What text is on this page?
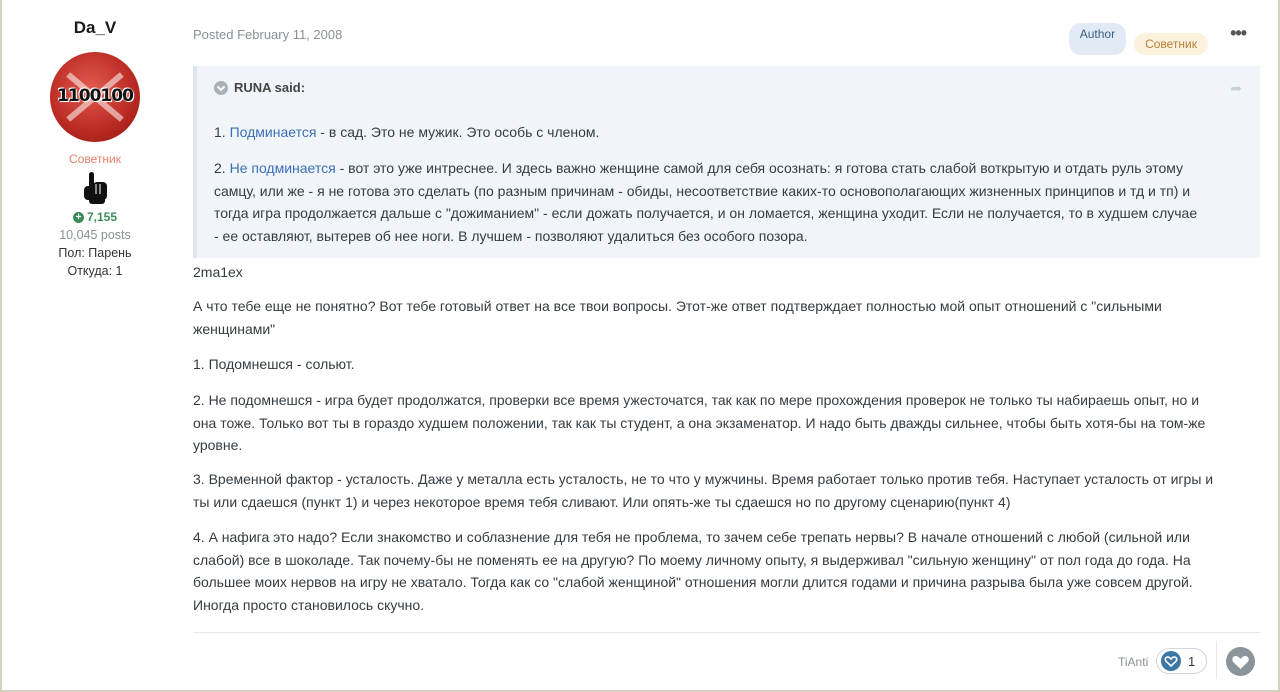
Da_V
1100100
Советник
+ 7,155
10,045 posts
Пол: Парень
Откуда: 1
Posted February 11, 2008	Author
Советник
•••
RUNA said:	➦
1. Подминается - в сад. Это не мужик. Это особь с членом.
2. Не подминается - вот это уже интреснее. И здесь важно женщине самой для себя осознать: я готова стать слабой воткрытую и отдать руль этому
самцу, или же - я не готова это сделать (по разным причинам - обиды, несоответствие каких-то основополагающих жизненных принципов и тд и тп) и
тогда игра продолжается дальше с "дожиманием" - если дожать получается, и он ломается, женщина уходит. Если не получается, то в худшем случае
- ее оставляют, вытерев об нее ноги. В лучшем - позволяют удалиться без особого позора.
2ma1ex
А что тебе еще не понятно? Вот тебе готовый ответ на все твои вопросы. Этот-же ответ подтверждает полностью мой опыт отношений с "сильными
женщинами"
1. Подомнешся - сольют.
2. Не подомнешся - игра будет продолжатся, проверки все время ужесточатся, так как по мере прохождения проверок не только ты набираешь опыт, но и
она тоже. Только вот ты в гораздо худшем положении, так как ты студент, а она экзаменатор. И надо быть дважды сильнее, чтобы быть хотя-бы на том-же
уровне.
3. Временной фактор - усталость. Даже у металла есть усталость, не то что у мужчины. Время работает только против тебя. Наступает усталость от игры и
ты или сдаешся (пункт 1) и через некоторое время тебя сливают. Или опять-же ты сдаешся но по другому сценарию(пункт 4)
4. А нафига это надо? Если знакомство и соблазнение для тебя не проблема, то зачем себе трепать нервы? В начале отношений с любой (сильной или
слабой) все в шоколаде. Так почему-бы не поменять ее на другую? По моему личному опыту, я выдерживал "сильную женщину" от пол года до года. На
большее моих нервов на игру не хватало. Тогда как со "слабой женщиной" отношения могли длится годами и причина разрыва была уже совсем другой.
Иногда просто становилось скучно.
TiAnti	1
